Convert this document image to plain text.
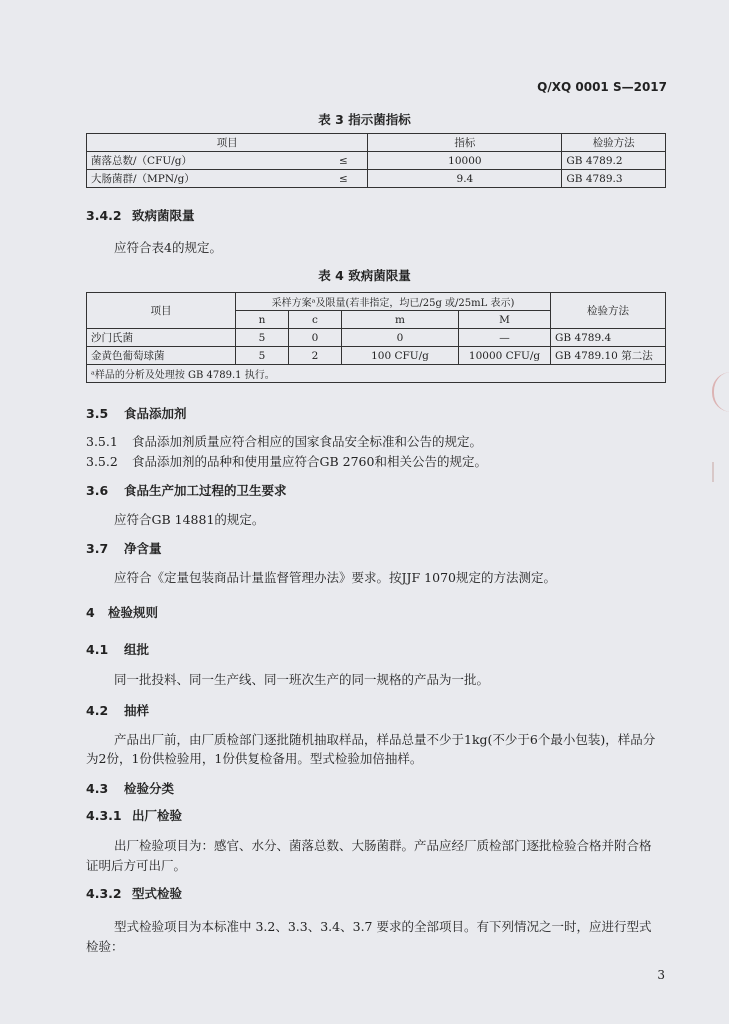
Q/XQ 0001 S—2017
表 3 指示菌指标
项目		指标	检验方法
菌落总数/（CFU/g）	≤	10000	GB 4789.2
大肠菌群/（MPN/g）	≤	9.4	GB 4789.3
3.4.2 致病菌限量
应符合表4的规定。
表 4 致病菌限量
项目	采样方案ᵃ及限量(若非指定，均已/25g 或/25mL 表示)				检验方法
	n	c	m	M	
沙门氏菌	5	0	0	—	GB 4789.4
金黄色葡萄球菌	5	2	100 CFU/g	10000 CFU/g	GB 4789.10 第二法
ᵃ样品的分析及处理按 GB 4789.1 执行。					
3.5 食品添加剂
3.5.1 食品添加剂质量应符合相应的国家食品安全标准和公告的规定。
3.5.2 食品添加剂的品种和使用量应符合GB 2760和相关公告的规定。
3.6 食品生产加工过程的卫生要求
应符合GB 14881的规定。
3.7 净含量
应符合《定量包装商品计量监督管理办法》要求。按JJF 1070规定的方法测定。
4 检验规则
4.1 组批
同一批投料、同一生产线、同一班次生产的同一规格的产品为一批。
4.2 抽样
产品出厂前，由厂质检部门逐批随机抽取样品，样品总量不少于1kg(不少于6个最小包装)，样品分
为2份，1份供检验用，1份供复检备用。型式检验加倍抽样。
4.3 检验分类
4.3.1 出厂检验
出厂检验项目为：感官、水分、菌落总数、大肠菌群。产品应经厂质检部门逐批检验合格并附合格
证明后方可出厂。
4.3.2 型式检验
型式检验项目为本标准中 3.2、3.3、3.4、3.7 要求的全部项目。有下列情况之一时，应进行型式
检验：
3
